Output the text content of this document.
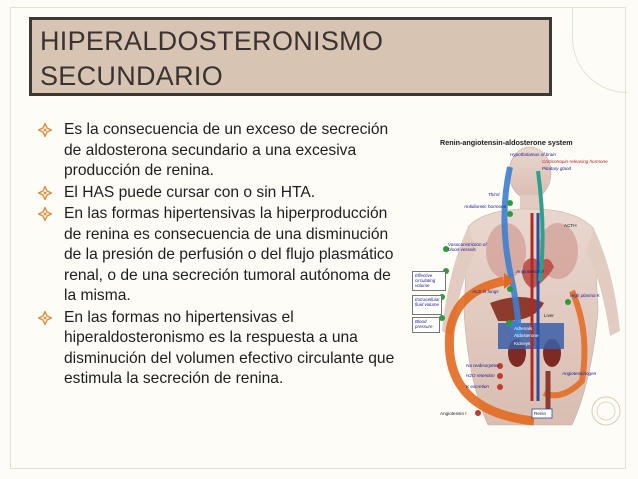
HIPERALDOSTERONISMO
SECUNDARIO
Es la consecuencia de un exceso de secreción de aldosterona secundario a una excesiva producción de renina.
El HAS puede cursar con o sin HTA.
En las formas hipertensivas la hiperproducción de renina es consecuencia de una disminución de la presión de perfusión o del flujo plasmático renal, o de una secreción tumoral autónoma de la misma.
En las formas no hipertensivas el hiperaldosteronismo es la respuesta a una disminución del volumen efectivo circulante que estimula la secreción de renina.
Renin-angiotensin-aldosterone system
Hypothalamus of brain
Corticotropin-releasing hormone
Pituitary gland
Thirst
Antidiuretic hormone
ACTH
Vasoconstriction of blood vessels
Angiotensin II
Effective circulating volume
Extracellular fluid volume
Blood pressure
ACE in lungs
High plasma K
Liver
Adrenals
Aldosterone
Kidneys
Na reabsorption
H2O retention
K excretion
Angiotensinogen
Angiotensin I	Renin
